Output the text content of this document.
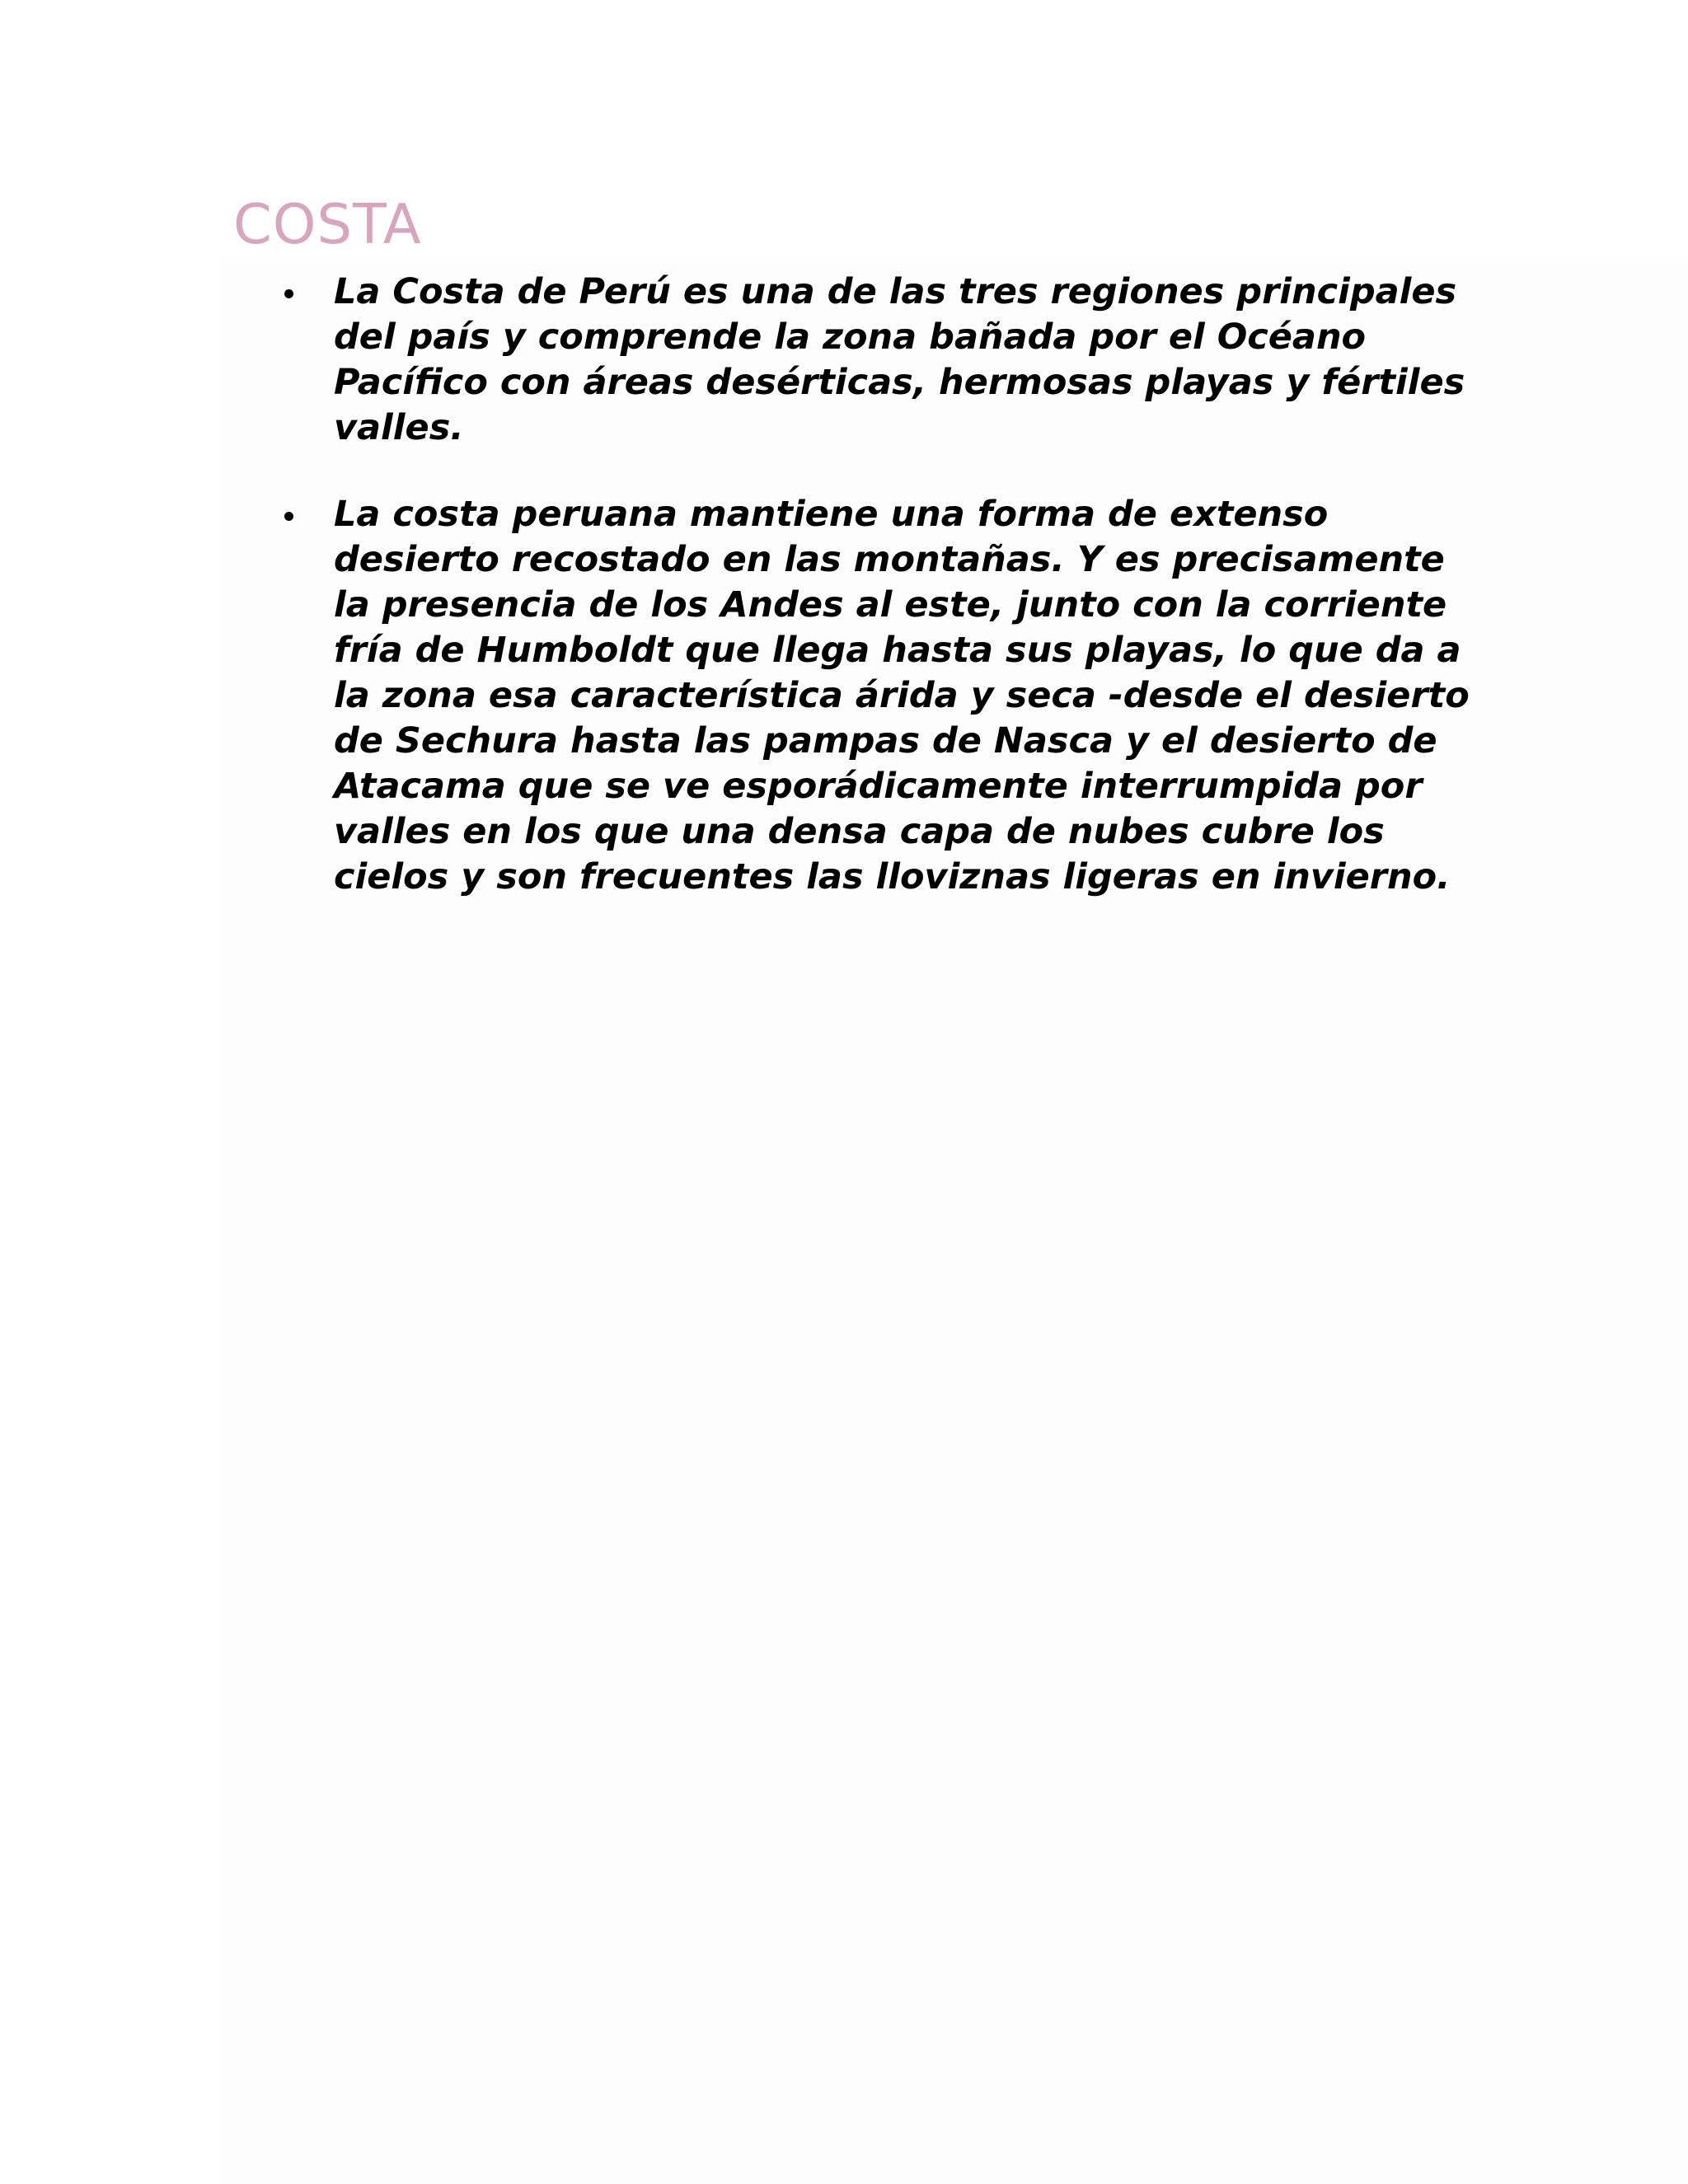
COSTA
La Costa de Perú es una de las tres regiones principales del país y comprende la zona bañada por el Océano Pacífico con áreas desérticas, hermosas playas y fértiles valles.
La costa peruana mantiene una forma de extenso desierto recostado en las montañas. Y es precisamente la presencia de los Andes al este, junto con la corriente fría de Humboldt que llega hasta sus playas, lo que da a la zona esa característica árida y seca -desde el desierto de Sechura hasta las pampas de Nasca y el desierto de Atacama que se ve esporádicamente interrumpida por valles en los que una densa capa de nubes cubre los cielos y son frecuentes las lloviznas ligeras en invierno.
